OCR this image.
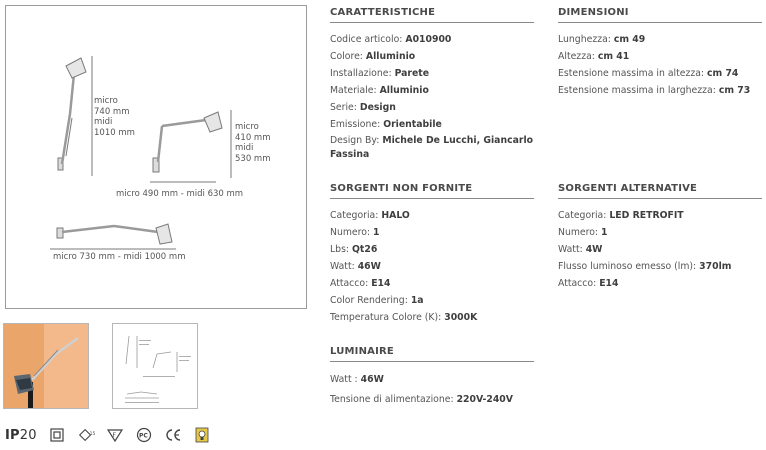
micro
740 mm
midi
1010 mm
micro
410 mm
midi
530 mm
micro 490 mm - midi 630 mm
micro 730 mm - midi 1000 mm
IP20	15	F	PC
CARATTERISTICHE
Codice articolo: A010900
Colore: Alluminio
Installazione: Parete
Materiale: Alluminio
Serie: Design
Emissione: Orientabile
Design By: Michele De Lucchi, Giancarlo Fassina
DIMENSIONI
Lunghezza: cm 49
Altezza: cm 41
Estensione massima in altezza: cm 74
Estensione massima in larghezza: cm 73
SORGENTI NON FORNITE
Categoria: HALO
Numero: 1
Lbs: Qt26
Watt: 46W
Attacco: E14
Color Rendering: 1a
Temperatura Colore (K): 3000K
SORGENTI ALTERNATIVE
Categoria: LED RETROFIT
Numero: 1
Watt: 4W
Flusso luminoso emesso (lm): 370lm
Attacco: E14
LUMINAIRE
Watt : 46W
Tensione di alimentazione: 220V-240V
